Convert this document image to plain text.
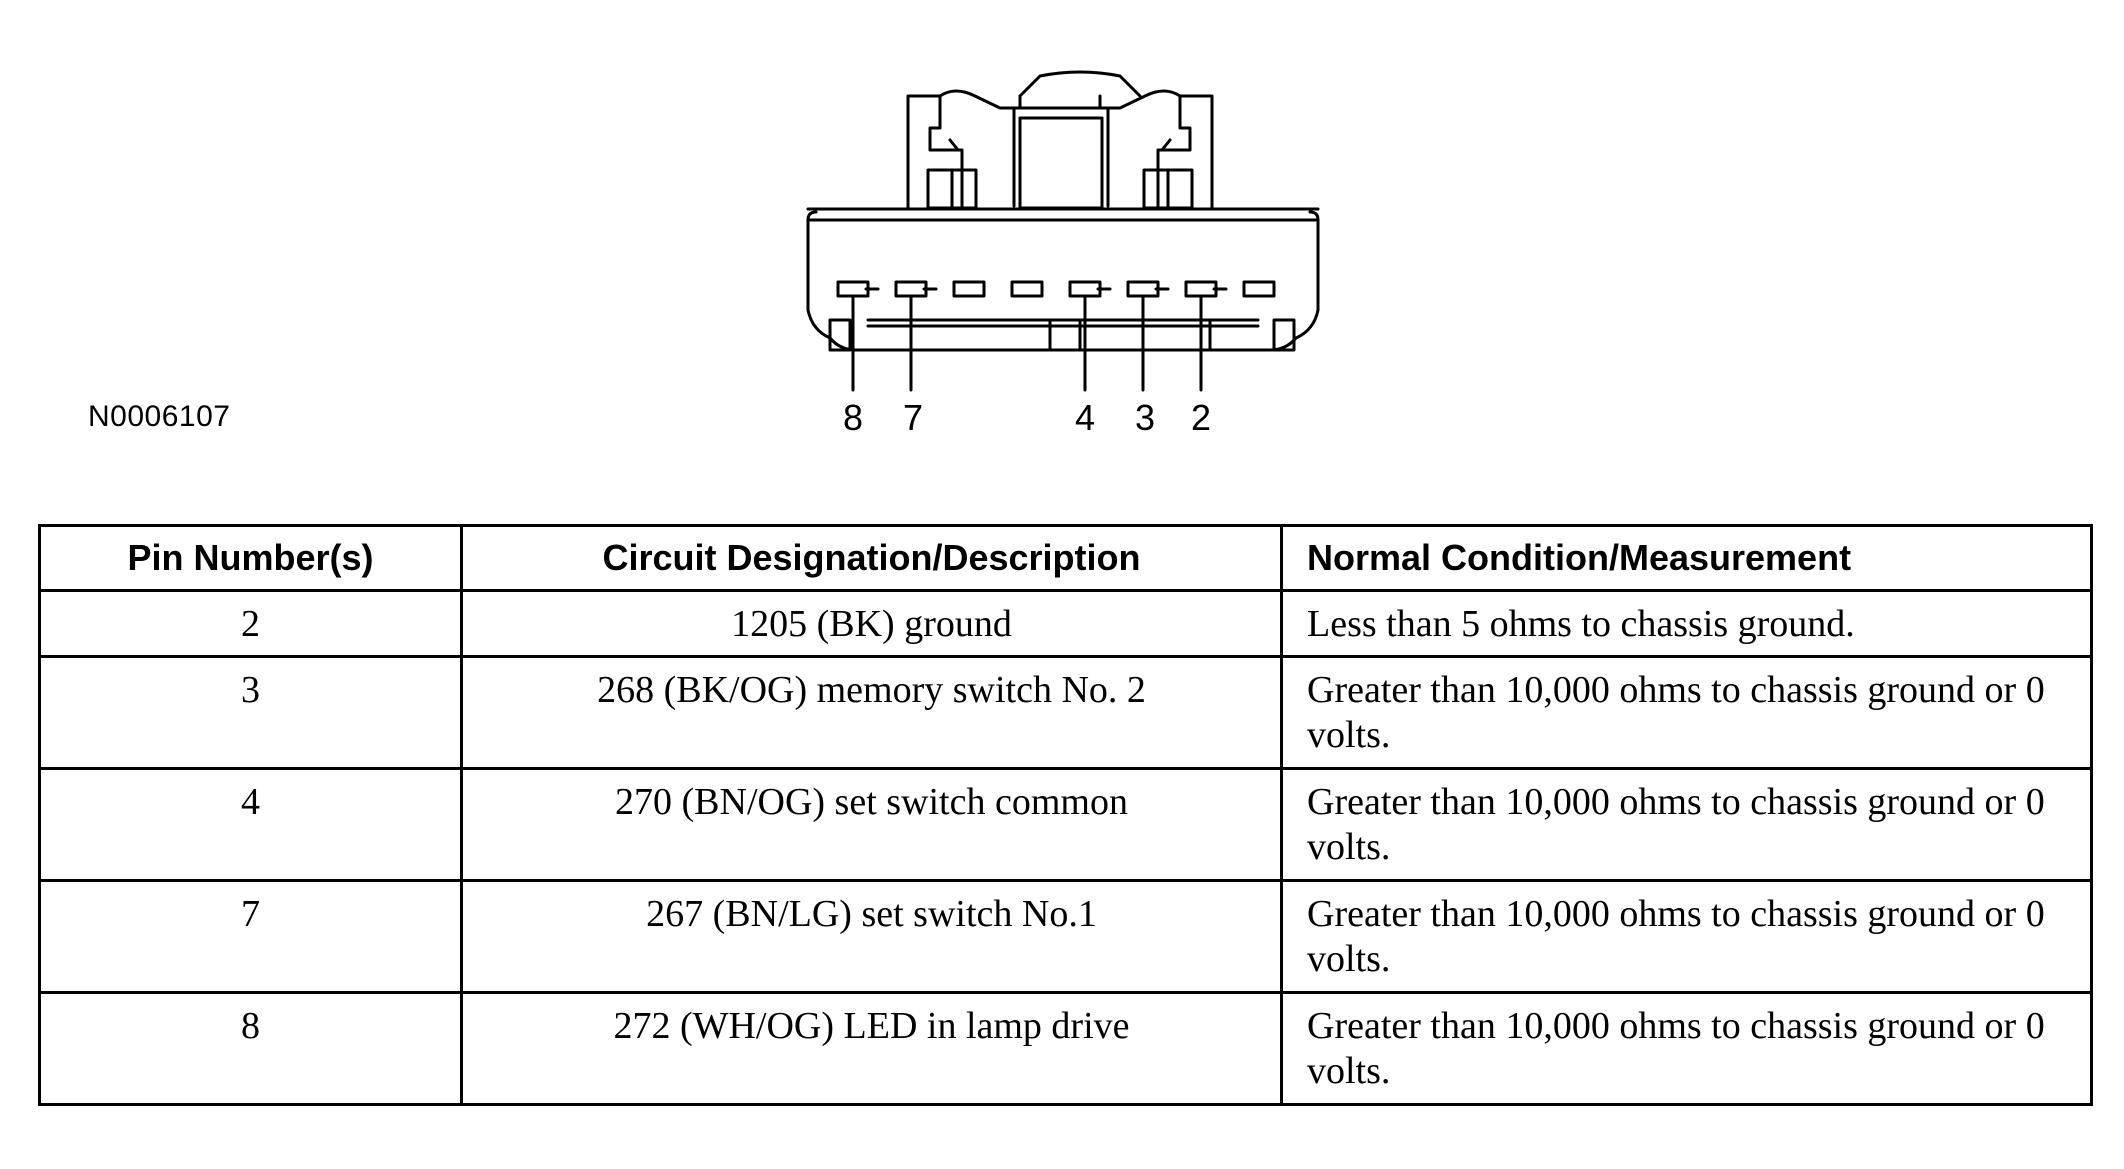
8 7	4 3 2
N0006107
Pin Number(s)	Circuit Designation/Description	Normal Condition/Measurement
2	1205 (BK) ground	Less than 5 ohms to chassis ground.
3	268 (BK/OG) memory switch No. 2	Greater than 10,000 ohms to chassis ground or 0 volts.
4	270 (BN/OG) set switch common	Greater than 10,000 ohms to chassis ground or 0 volts.
7	267 (BN/LG) set switch No.1	Greater than 10,000 ohms to chassis ground or 0 volts.
8	272 (WH/OG) LED in lamp drive	Greater than 10,000 ohms to chassis ground or 0 volts.
